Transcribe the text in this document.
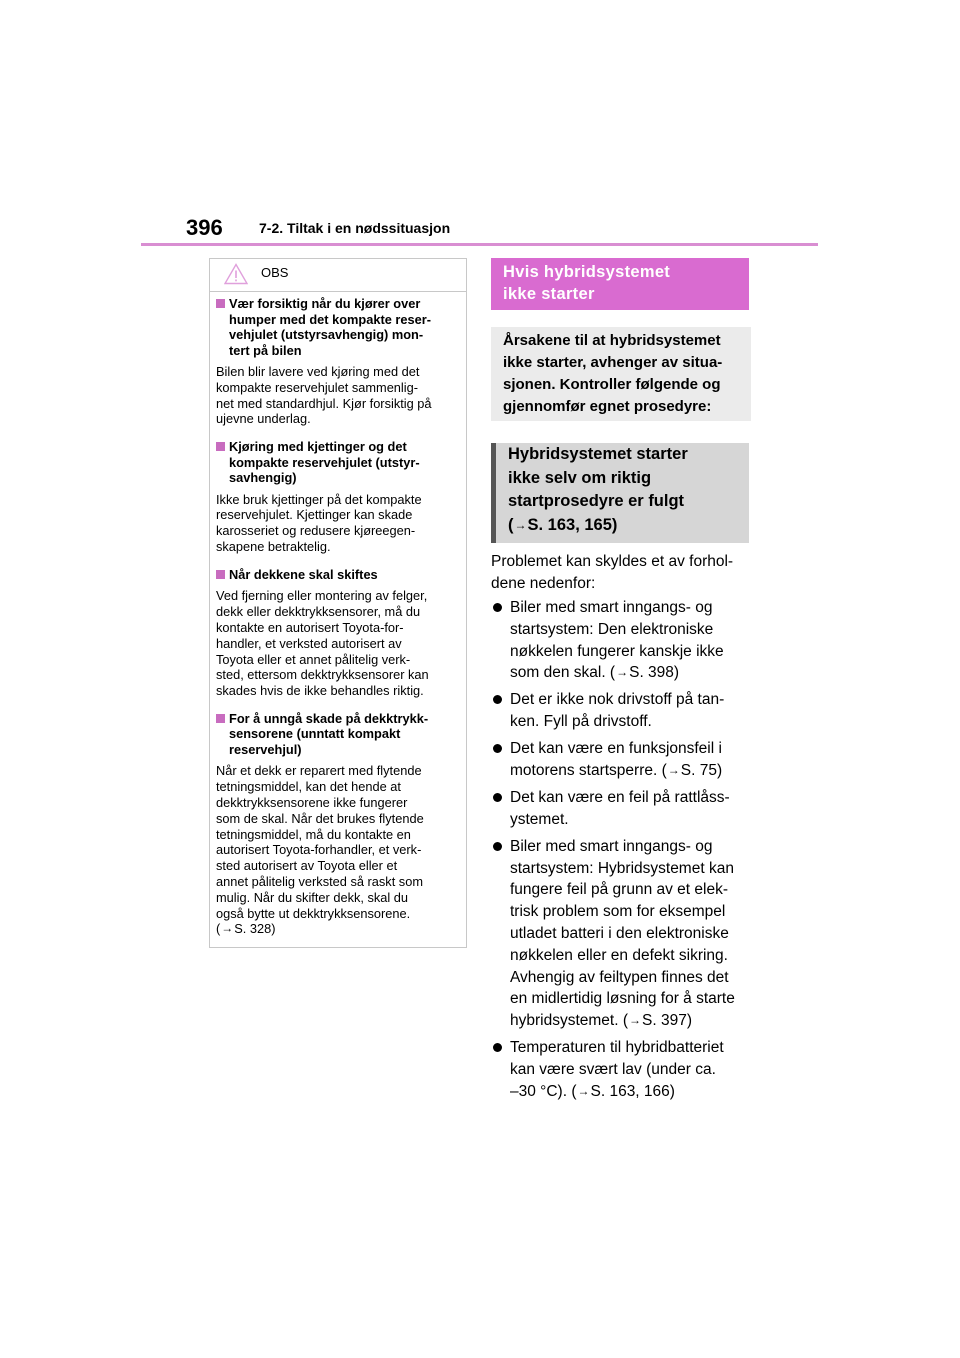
396	7-2. Tiltak i en nødssituasjon
OBS
Vær forsiktig når du kjører over
humper med det kompakte reser-
vehjulet (utstyrsavhengig) mon-
tert på bilen
Bilen blir lavere ved kjøring med det
kompakte reservehjulet sammenlig-
net med standardhjul. Kjør forsiktig på
ujevne underlag.
Kjøring med kjettinger og det
kompakte reservehjulet (utstyr-
savhengig)
Ikke bruk kjettinger på det kompakte
reservehjulet. Kjettinger kan skade
karosseriet og redusere kjøreegen-
skapene betraktelig.
Når dekkene skal skiftes
Ved fjerning eller montering av felger,
dekk eller dekktrykksensorer, må du
kontakte en autorisert Toyota-for-
handler, et verksted autorisert av
Toyota eller et annet pålitelig verk-
sted, ettersom dekktrykksensorer kan
skades hvis de ikke behandles riktig.
For å unngå skade på dekktrykk-
sensorene (unntatt kompakt
reservehjul)
Når et dekk er reparert med flytende
tetningsmiddel, kan det hende at
dekktrykksensorene ikke fungerer
som de skal. Når det brukes flytende
tetningsmiddel, må du kontakte en
autorisert Toyota-forhandler, et verk-
sted autorisert av Toyota eller et
annet pålitelig verksted så raskt som
mulig. Når du skifter dekk, skal du
også bytte ut dekktrykksensorene.
(→S. 328)
Hvis hybridsystemet
ikke starter
Årsakene til at hybridsystemet
ikke starter, avhenger av situa-
sjonen. Kontroller følgende og
gjennomfør egnet prosedyre:
Hybridsystemet starter
ikke selv om riktig
startprosedyre er fulgt
(→S. 163, 165)
Problemet kan skyldes et av forhol-
dene nedenfor:
Biler med smart inngangs- og
startsystem: Den elektroniske
nøkkelen fungerer kanskje ikke
som den skal. (→S. 398)
Det er ikke nok drivstoff på tan-
ken. Fyll på drivstoff.
Det kan være en funksjonsfeil i
motorens startsperre. (→S. 75)
Det kan være en feil på rattlåss-
ystemet.
Biler med smart inngangs- og
startsystem: Hybridsystemet kan
fungere feil på grunn av et elek-
trisk problem som for eksempel
utladet batteri i den elektroniske
nøkkelen eller en defekt sikring.
Avhengig av feiltypen finnes det
en midlertidig løsning for å starte
hybridsystemet. (→S. 397)
Temperaturen til hybridbatteriet
kan være svært lav (under ca.
–30 °C). (→S. 163, 166)
